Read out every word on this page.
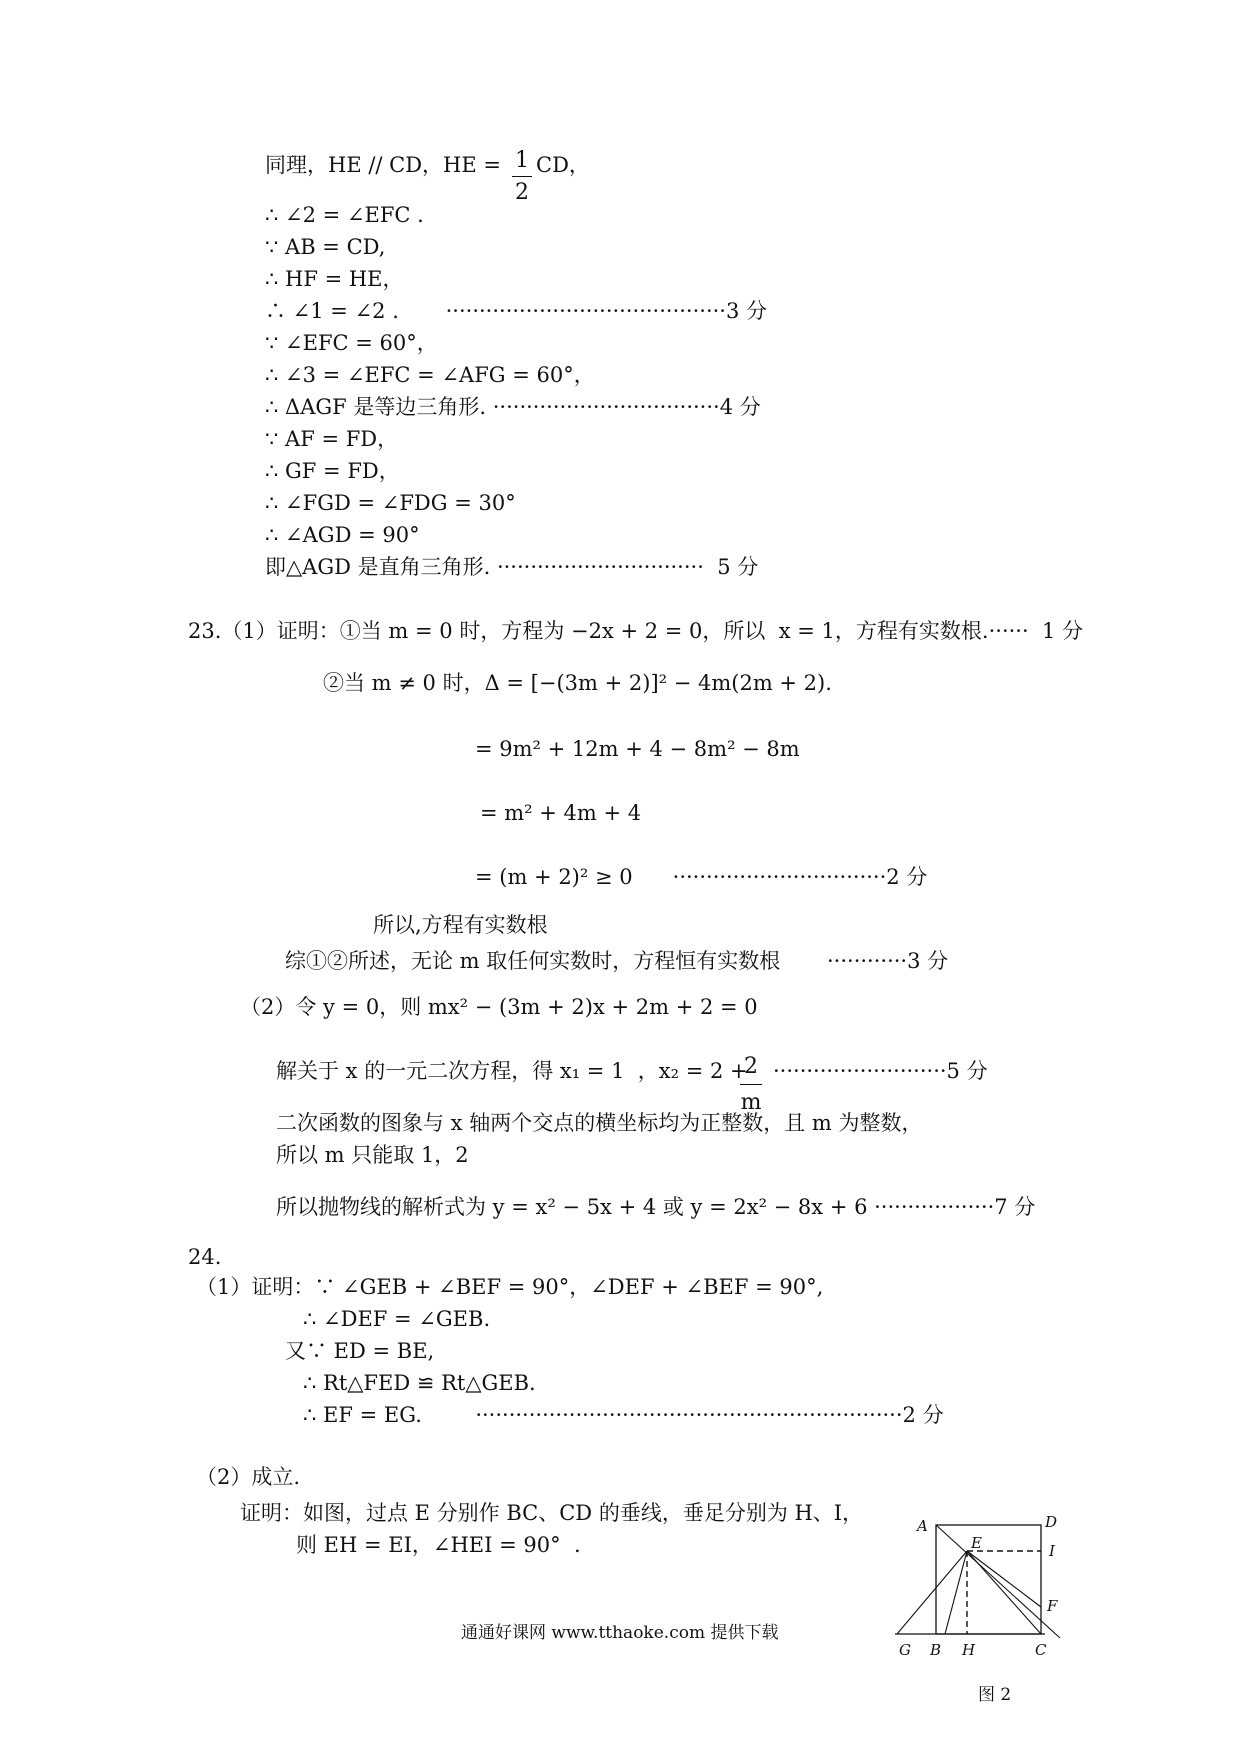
同理，HE // CD，HE =
∴ ∠2 = ∠EFC .
∵ AB = CD,
∴ HF = HE，
∴ ∠1 = ∠2 .       ··········································3 分
∵ ∠EFC = 60°，
∴ ∠3 = ∠EFC = ∠AFG = 60°，
∴ ΔAGF 是等边三角形. ··································4 分
∵ AF = FD，
∴ GF = FD，
∴ ∠FGD = ∠FDG = 30°
∴ ∠AGD = 90°
即△AGD 是直角三角形. ·······························  5 分
23.（1）证明：①当 m = 0 时，方程为 −2x + 2 = 0，所以  x = 1，方程有实数根.······  1 分
②当 m ≠ 0 时，Δ = [−(3m + 2)]² − 4m(2m + 2).
= 9m² + 12m + 4 − 8m² − 8m
= m² + 4m + 4
= (m + 2)² ≥ 0      ································2 分
所以,方程有实数根
综①②所述，无论 m 取任何实数时，方程恒有实数根       ············3 分
（2）令 y = 0，则 mx² − (3m + 2)x + 2m + 2 = 0
解关于 x 的一元二次方程，得 x₁ = 1  ，x₂ = 2 + ··························5 分
二次函数的图象与 x 轴两个交点的横坐标均为正整数，且 m 为整数，
所以 m 只能取 1，2
所以抛物线的解析式为 y = x² − 5x + 4 或 y = 2x² − 8x + 6 ··················7 分
24.
（1）证明：∵ ∠GEB + ∠BEF = 90°，∠DEF + ∠BEF = 90°,
∴ ∠DEF = ∠GEB.
又∵ ED = BE,
∴ Rt△FED ≌ Rt△GEB.
∴ EF = EG.        ································································2 分
（2）成立.
证明：如图，过点 E 分别作 BC、CD 的垂线，垂足分别为 H、I，
则 EH = EI，∠HEI = 90°  .
1
2
CD，
2
m
A	D
E	I
F
G B H	C
图 2
通通好课网 www.tthaoke.com 提供下载
